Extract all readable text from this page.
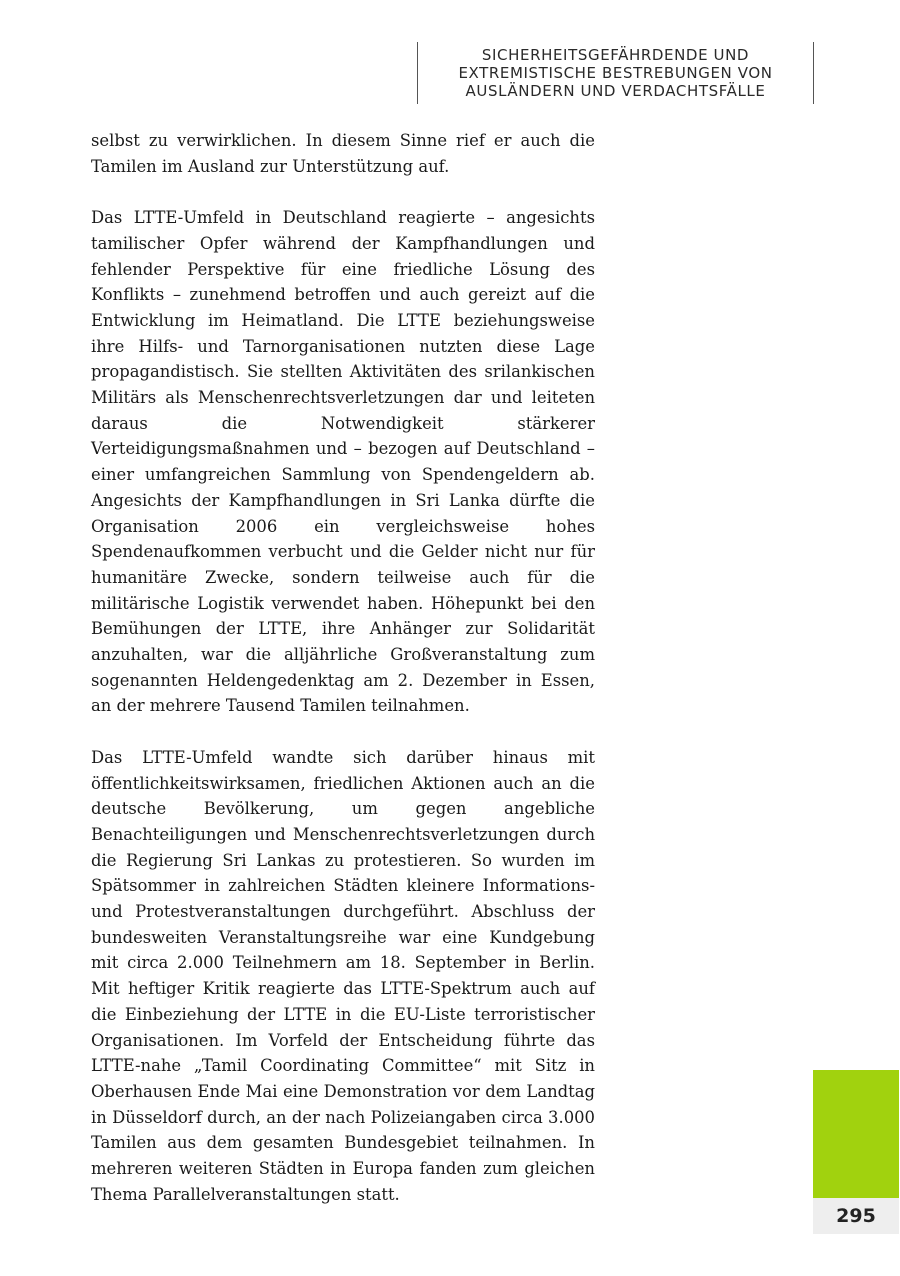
SICHERHEITSGEFÄHRDENDE UND
EXTREMISTISCHE BESTREBUNGEN VON
AUSLÄNDERN UND VERDACHTSFÄLLE

selbst zu verwirklichen. In diesem Sinne rief er auch die Tamilen im Ausland zur Unterstützung auf.

Das LTTE-Umfeld in Deutschland reagierte – angesichts tamilischer Opfer während der Kampfhandlungen und fehlender Perspektive für eine friedliche Lösung des Konflikts – zunehmend betroffen und auch gereizt auf die Entwicklung im Heimatland. Die LTTE beziehungsweise ihre Hilfs- und Tarnorganisationen nutzten diese Lage propagandistisch. Sie stellten Aktivitäten des srilankischen Militärs als Menschenrechtsverletzungen dar und leiteten daraus die Notwendigkeit stärkerer Verteidigungsmaßnahmen und – bezogen auf Deutschland – einer umfangreichen Sammlung von Spendengeldern ab. Angesichts der Kampfhandlungen in Sri Lanka dürfte die Organisation 2006 ein vergleichsweise hohes Spendenaufkommen verbucht und die Gelder nicht nur für humanitäre Zwecke, sondern teilweise auch für die militärische Logistik verwendet haben. Höhepunkt bei den Bemühungen der LTTE, ihre Anhänger zur Solidarität anzuhalten, war die alljährliche Großveranstaltung zum sogenannten Heldengedenktag am 2. Dezember in Essen, an der mehrere Tausend Tamilen teilnahmen.

Das LTTE-Umfeld wandte sich darüber hinaus mit öffentlichkeitswirksamen, friedlichen Aktionen auch an die deutsche Bevölkerung, um gegen angebliche Benachteiligungen und Menschenrechtsverletzungen durch die Regierung Sri Lankas zu protestieren. So wurden im Spätsommer in zahlreichen Städten kleinere Informations- und Protestveranstaltungen durchgeführt. Abschluss der bundesweiten Veranstaltungsreihe war eine Kundgebung mit circa 2.000 Teilnehmern am 18. September in Berlin. Mit heftiger Kritik reagierte das LTTE-Spektrum auch auf die Einbeziehung der LTTE in die EU-Liste terroristischer Organisationen. Im Vorfeld der Entscheidung führte das LTTE-nahe „Tamil Coordinating Committee“ mit Sitz in Oberhausen Ende Mai eine Demonstration vor dem Landtag in Düsseldorf durch, an der nach Polizeiangaben circa 3.000 Tamilen aus dem gesamten Bundesgebiet teilnahmen. In mehreren weiteren Städten in Europa fanden zum gleichen Thema Parallelveranstaltungen statt.

295
